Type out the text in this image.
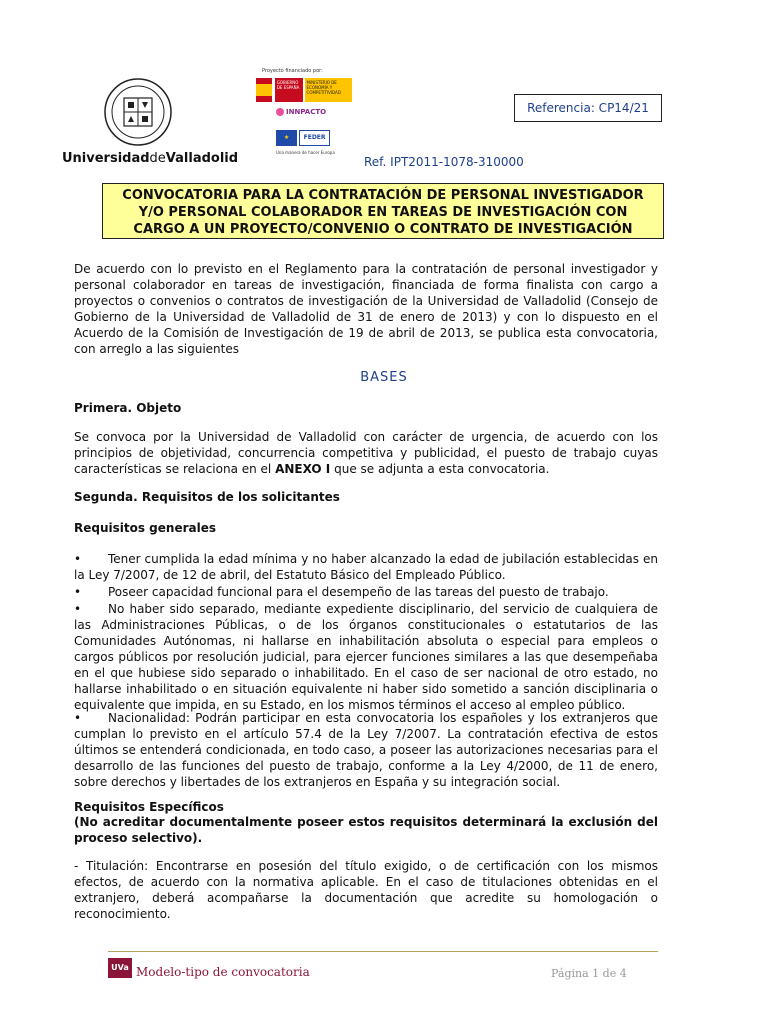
UniversidaddeValladolid
Proyecto financiado por:
GOBIERNO DE ESPAÑA
MINISTERIO DE ECONOMÍA Y COMPETITIVIDAD
INNPACTO
★	FEDER
Una manera de hacer Europa
Referencia: CP14/21
Ref. IPT2011-1078-310000
CONVOCATORIA PARA LA CONTRATACIÓN DE PERSONAL INVESTIGADOR Y/O PERSONAL COLABORADOR EN TAREAS DE INVESTIGACIÓN CON CARGO A UN PROYECTO/CONVENIO O CONTRATO DE INVESTIGACIÓN
De acuerdo con lo previsto en el Reglamento para la contratación de personal investigador y personal colaborador en tareas de investigación, financiada de forma finalista con cargo a proyectos o convenios o contratos de investigación de la Universidad de Valladolid (Consejo de Gobierno de la Universidad de Valladolid de 31 de enero de 2013) y con lo dispuesto en el Acuerdo de la Comisión de Investigación de 19 de abril de 2013, se publica esta convocatoria, con arreglo a las siguientes
BASES
Primera. Objeto
Se convoca por la Universidad de Valladolid con carácter de urgencia, de acuerdo con los principios de objetividad, concurrencia competitiva y publicidad, el puesto de trabajo cuyas características se relaciona en el ANEXO I que se adjunta a esta convocatoria.
Segunda. Requisitos de los solicitantes
Requisitos generales
• Tener cumplida la edad mínima y no haber alcanzado la edad de jubilación establecidas en la Ley 7/2007, de 12 de abril, del Estatuto Básico del Empleado Público.
• Poseer capacidad funcional para el desempeño de las tareas del puesto de trabajo.
• No haber sido separado, mediante expediente disciplinario, del servicio de cualquiera de las Administraciones Públicas, o de los órganos constitucionales o estatutarios de las Comunidades Autónomas, ni hallarse en inhabilitación absoluta o especial para empleos o cargos públicos por resolución judicial, para ejercer funciones similares a las que desempeñaba en el que hubiese sido separado o inhabilitado. En el caso de ser nacional de otro estado, no hallarse inhabilitado o en situación equivalente ni haber sido sometido a sanción disciplinaria o equivalente que impida, en su Estado, en los mismos términos el acceso al empleo público.
• Nacionalidad: Podrán participar en esta convocatoria los españoles y los extranjeros que cumplan lo previsto en el artículo 57.4 de la Ley 7/2007. La contratación efectiva de estos últimos se entenderá condicionada, en todo caso, a poseer las autorizaciones necesarias para el desarrollo de las funciones del puesto de trabajo, conforme a la Ley 4/2000, de 11 de enero, sobre derechos y libertades de los extranjeros en España y su integración social.
Requisitos Específicos
(No acreditar documentalmente poseer estos requisitos determinará la exclusión del proceso selectivo).
- Titulación: Encontrarse en posesión del título exigido, o de certificación con los mismos efectos, de acuerdo con la normativa aplicable. En el caso de titulaciones obtenidas en el extranjero, deberá acompañarse la documentación que acredite su homologación o reconocimiento.
UVa Modelo-tipo de convocatoria	Página 1 de 4
